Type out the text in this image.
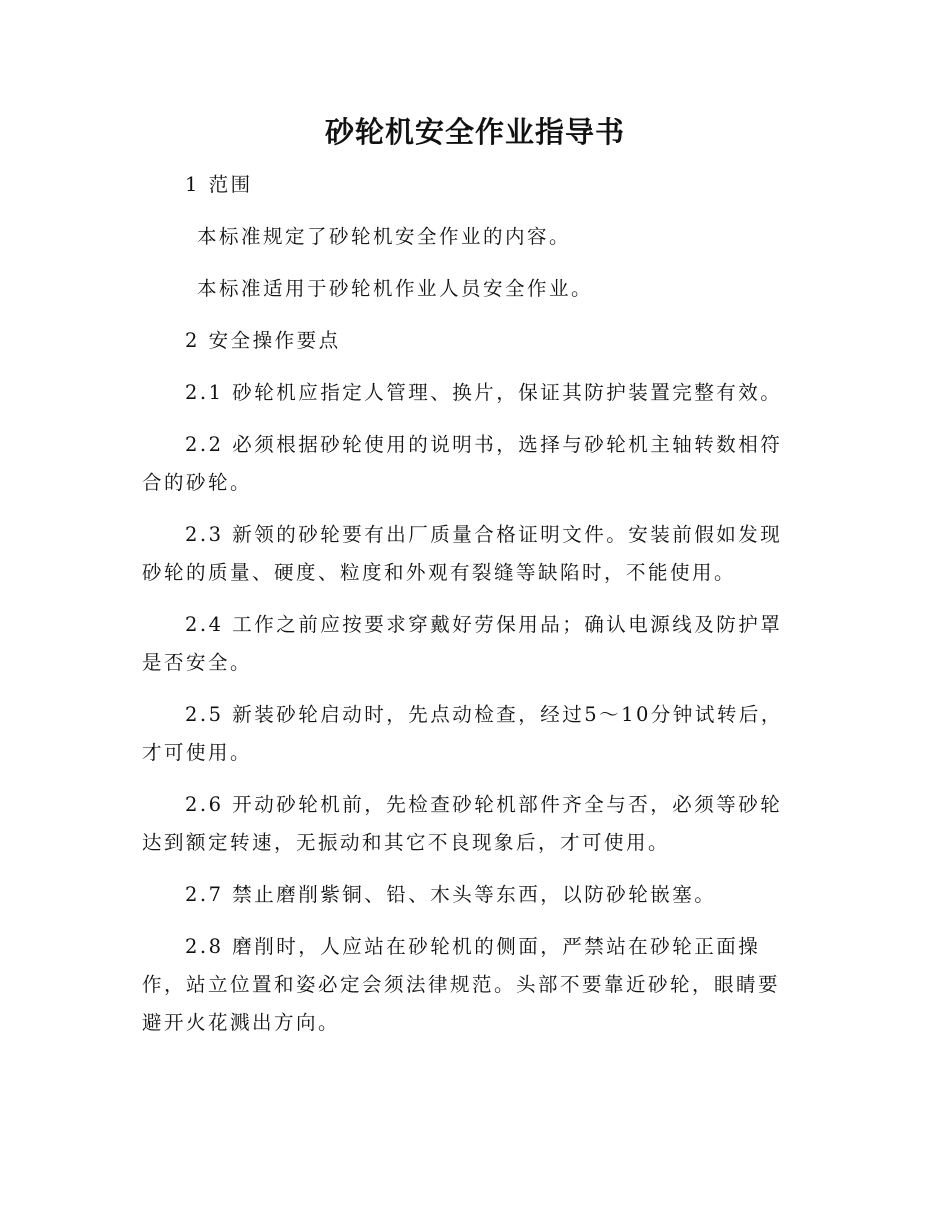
砂轮机安全作业指导书

1 范围

本标准规定了砂轮机安全作业的内容。

本标准适用于砂轮机作业人员安全作业。

2 安全操作要点

2.1 砂轮机应指定人管理、换片，保证其防护装置完整有效。

2.2 必须根据砂轮使用的说明书，选择与砂轮机主轴转数相符合的砂轮。

2.3 新领的砂轮要有出厂质量合格证明文件。安装前假如发现砂轮的质量、硬度、粒度和外观有裂缝等缺陷时，不能使用。

2.4 工作之前应按要求穿戴好劳保用品；确认电源线及防护罩是否安全。

2.5 新装砂轮启动时，先点动检查，经过5～10分钟试转后，才可使用。

2.6 开动砂轮机前，先检查砂轮机部件齐全与否，必须等砂轮达到额定转速，无振动和其它不良现象后，才可使用。

2.7 禁止磨削紫铜、铅、木头等东西，以防砂轮嵌塞。

2.8 磨削时，人应站在砂轮机的侧面，严禁站在砂轮正面操作，站立位置和姿必定会须法律规范。头部不要靠近砂轮，眼睛要避开火花溅出方向。
